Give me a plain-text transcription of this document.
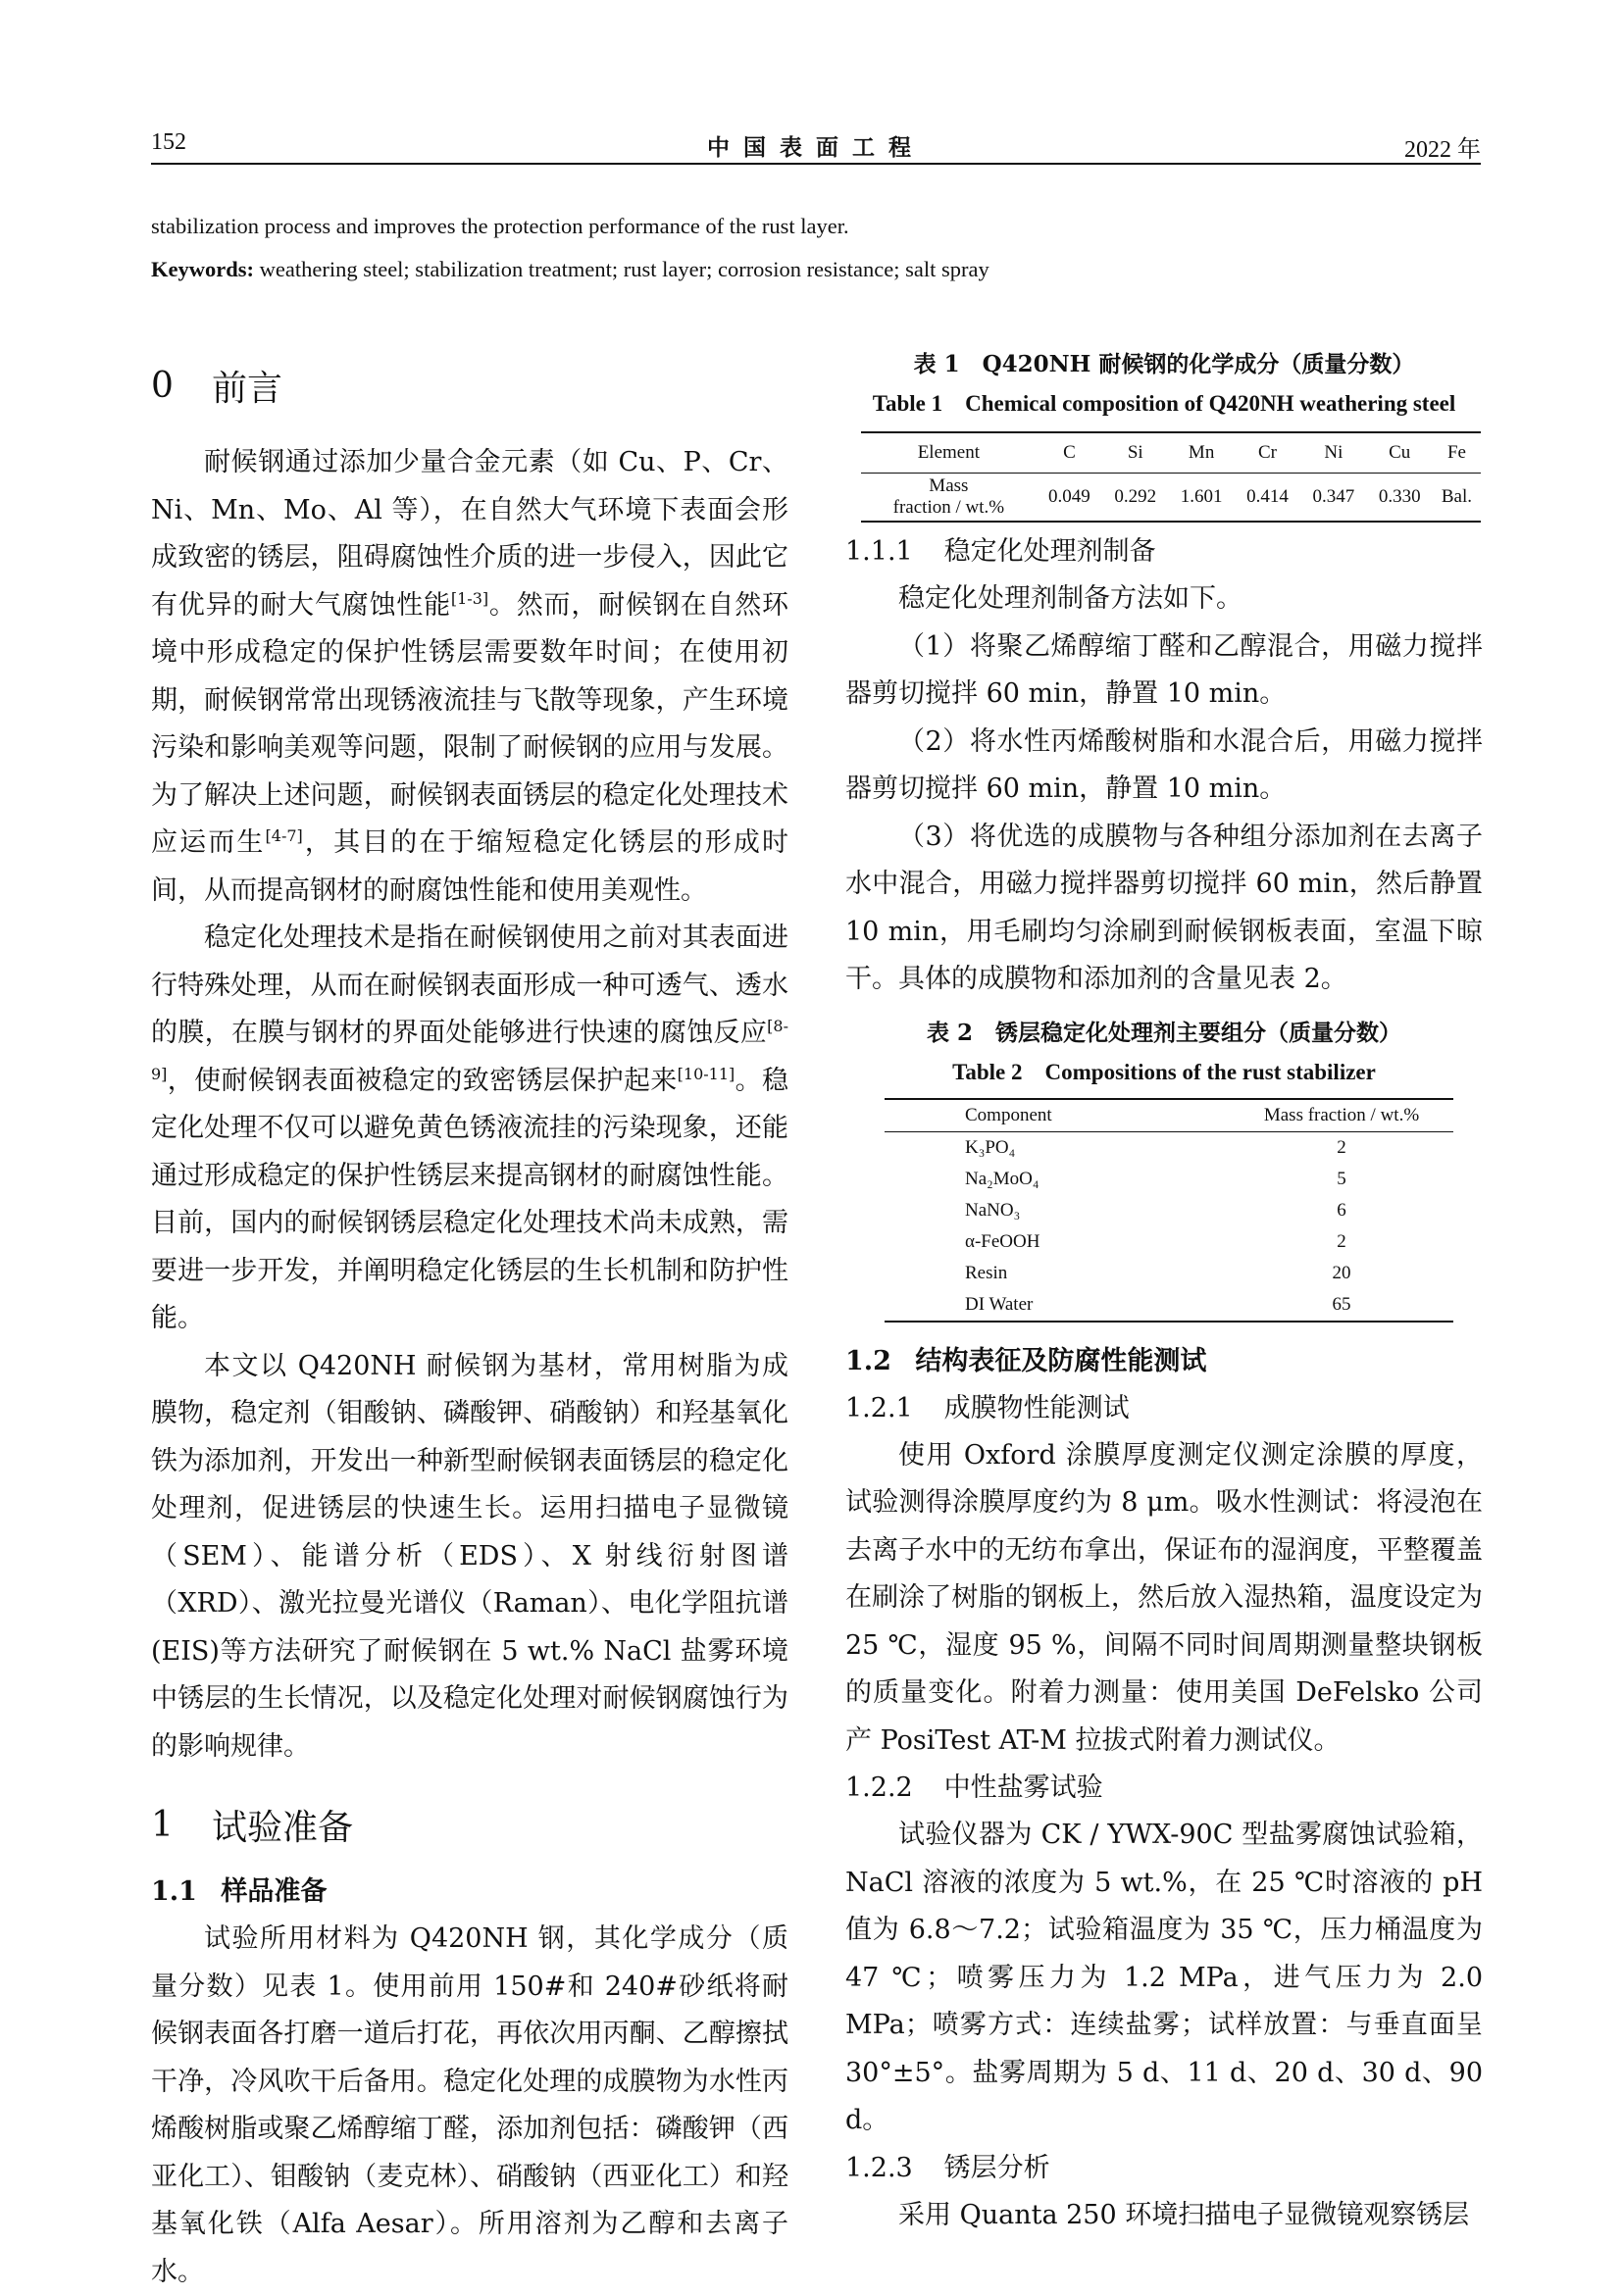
152	中国表面工程	2022 年
stabilization process and improves the protection performance of the rust layer.
Keywords: weathering steel; stabilization treatment; rust layer; corrosion resistance; salt spray
0	前言

耐候钢通过添加少量合金元素（如 Cu、P、Cr、Ni、Mn、Mo、Al 等），在自然大气环境下表面会形成致密的锈层，阻碍腐蚀性介质的进一步侵入，因此它有优异的耐大气腐蚀性能[1-3]。然而，耐候钢在自然环境中形成稳定的保护性锈层需要数年时间；在使用初期，耐候钢常常出现锈液流挂与飞散等现象，产生环境污染和影响美观等问题，限制了耐候钢的应用与发展。为了解决上述问题，耐候钢表面锈层的稳定化处理技术应运而生[4-7]，其目的在于缩短稳定化锈层的形成时间，从而提高钢材的耐腐蚀性能和使用美观性。

稳定化处理技术是指在耐候钢使用之前对其表面进行特殊处理，从而在耐候钢表面形成一种可透气、透水的膜，在膜与钢材的界面处能够进行快速的腐蚀反应[8-9]，使耐候钢表面被稳定的致密锈层保护起来[10-11]。稳定化处理不仅可以避免黄色锈液流挂的污染现象，还能通过形成稳定的保护性锈层来提高钢材的耐腐蚀性能。目前，国内的耐候钢锈层稳定化处理技术尚未成熟，需要进一步开发，并阐明稳定化锈层的生长机制和防护性能。

本文以 Q420NH 耐候钢为基材，常用树脂为成膜物，稳定剂（钼酸钠、磷酸钾、硝酸钠）和羟基氧化铁为添加剂，开发出一种新型耐候钢表面锈层的稳定化处理剂，促进锈层的快速生长。运用扫描电子显微镜（SEM）、能谱分析（EDS）、X 射线衍射图谱（XRD）、激光拉曼光谱仪（Raman）、电化学阻抗谱(EIS)等方法研究了耐候钢在 5 wt.% NaCl 盐雾环境中锈层的生长情况，以及稳定化处理对耐候钢腐蚀行为的影响规律。

1	试验准备
1.1 样品准备

试验所用材料为 Q420NH 钢，其化学成分（质量分数）见表 1。使用前用 150#和 240#砂纸将耐候钢表面各打磨一道后打花，再依次用丙酮、乙醇擦拭干净，冷风吹干后备用。稳定化处理的成膜物为水性丙烯酸树脂或聚乙烯醇缩丁醛，添加剂包括：磷酸钾（西亚化工）、钼酸钠（麦克林）、硝酸钠（西亚化工）和羟基氧化铁（Alfa Aesar）。所用溶剂为乙醇和去离子水。

表 1　Q420NH 耐候钢的化学成分（质量分数）
Table 1　Chemical composition of Q420NH weathering steel
Element	C	Si	Mn	Cr	Ni	Cu	Fe
Mass
fraction / wt.%	0.049	0.292	1.601	0.414	0.347	0.330	Bal.
1.1.1 稳定化处理剂制备

稳定化处理剂制备方法如下。

（1）将聚乙烯醇缩丁醛和乙醇混合，用磁力搅拌器剪切搅拌 60 min，静置 10 min。

（2）将水性丙烯酸树脂和水混合后，用磁力搅拌器剪切搅拌 60 min，静置 10 min。

（3）将优选的成膜物与各种组分添加剂在去离子水中混合，用磁力搅拌器剪切搅拌 60 min，然后静置 10 min，用毛刷均匀涂刷到耐候钢板表面，室温下晾干。具体的成膜物和添加剂的含量见表 2。

表 2　锈层稳定化处理剂主要组分（质量分数）
Table 2　Compositions of the rust stabilizer
Component	Mass fraction / wt.%
K₃PO₄	2
Na₂MoO₄	5
NaNO₃	6
α-FeOOH	2
Resin	20
DI Water	65
1.2 结构表征及防腐性能测试
1.2.1 成膜物性能测试

使用 Oxford 涂膜厚度测定仪测定涂膜的厚度，试验测得涂膜厚度约为 8 μm。吸水性测试：将浸泡在去离子水中的无纺布拿出，保证布的湿润度，平整覆盖在刷涂了树脂的钢板上，然后放入湿热箱，温度设定为 25 ℃，湿度 95 %，间隔不同时间周期测量整块钢板的质量变化。附着力测量：使用美国 DeFelsko 公司产 PosiTest AT-M 拉拔式附着力测试仪。

1.2.2 中性盐雾试验

试验仪器为 CK / YWX-90C 型盐雾腐蚀试验箱，NaCl 溶液的浓度为 5 wt.%，在 25 ℃时溶液的 pH 值为 6.8～7.2；试验箱温度为 35 ℃，压力桶温度为 47 ℃；喷雾压力为 1.2 MPa，进气压力为 2.0 MPa；喷雾方式：连续盐雾；试样放置：与垂直面呈 30°±5°。盐雾周期为 5 d、11 d、20 d、30 d、90 d。

1.2.3 锈层分析

采用 Quanta 250 环境扫描电子显微镜观察锈层
